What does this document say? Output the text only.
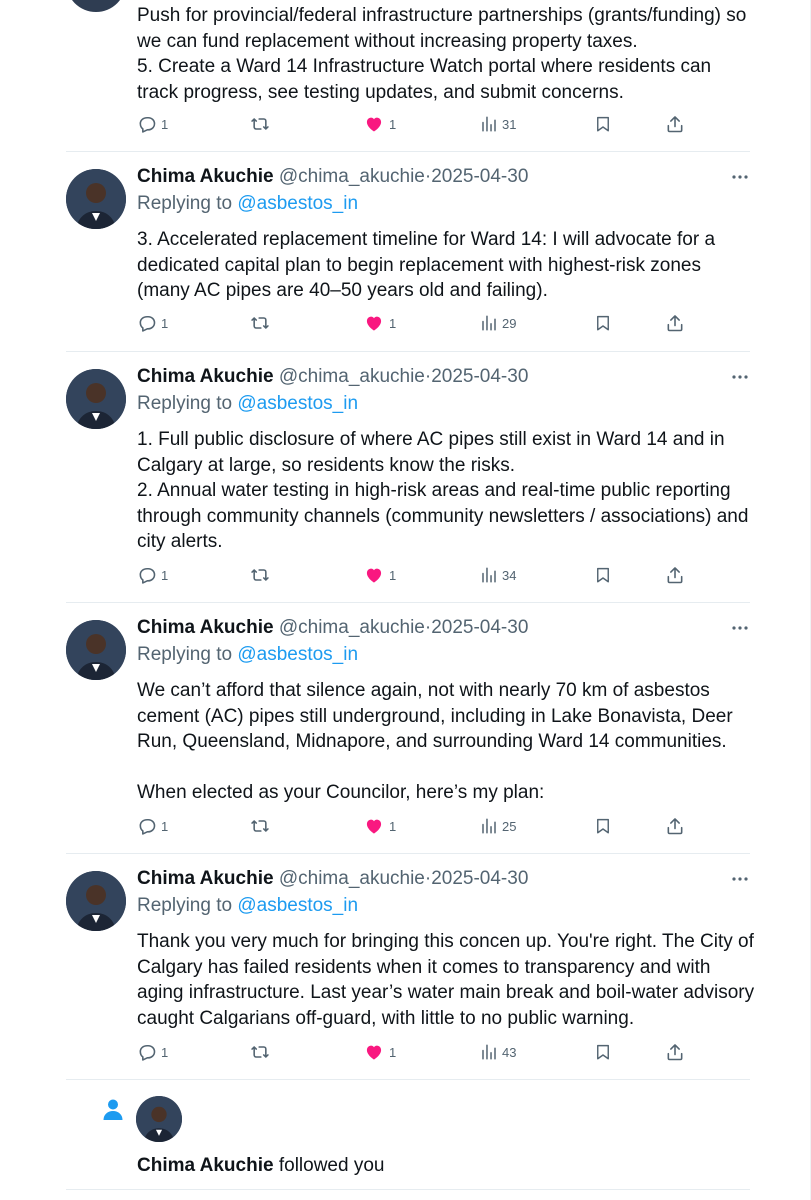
Push for provincial/federal infrastructure partnerships (grants/funding) so we can fund replacement without increasing property taxes.

5. Create a Ward 14 Infrastructure Watch portal where residents can track progress, see testing updates, and submit concerns.

1	1	31
Chima Akuchie @chima_akuchie·2025-04-30
Replying to @asbestos_in

3. Accelerated replacement timeline for Ward 14: I will advocate for a dedicated capital plan to begin replacement with highest-risk zones (many AC pipes are 40–50 years old and failing).

1	1	29
Chima Akuchie @chima_akuchie·2025-04-30
Replying to @asbestos_in

1. Full public disclosure of where AC pipes still exist in Ward 14 and in Calgary at large, so residents know the risks.

2. Annual water testing in high-risk areas and real-time public reporting through community channels (community newsletters / associations) and city alerts.

1	1	34
Chima Akuchie @chima_akuchie·2025-04-30
Replying to @asbestos_in

We can’t afford that silence again, not with nearly 70 km of asbestos cement (AC) pipes still underground, including in Lake Bonavista, Deer Run, Queensland, Midnapore, and surrounding Ward 14 communities.

When elected as your Councilor, here’s my plan:

1	1	25
Chima Akuchie @chima_akuchie·2025-04-30
Replying to @asbestos_in

Thank you very much for bringing this concen up. You're right. The City of Calgary has failed residents when it comes to transparency and with aging infrastructure. Last year’s water main break and boil-water advisory caught Calgarians off-guard, with little to no public warning.

1	1	43
Chima Akuchie followed you
